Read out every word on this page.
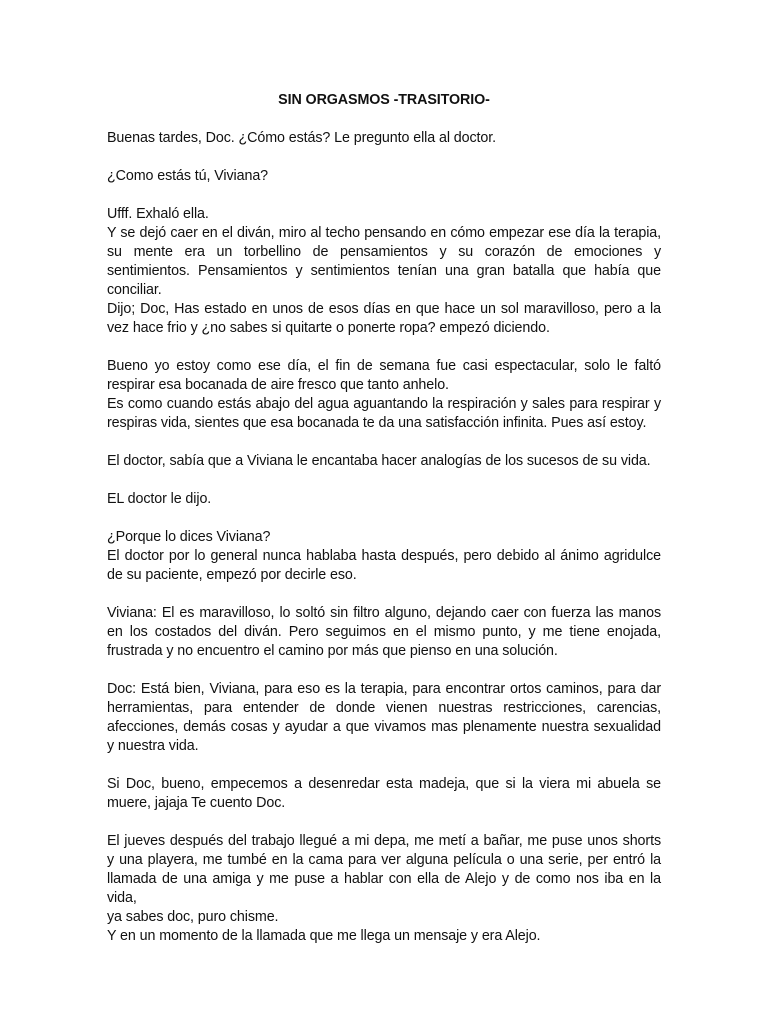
SIN ORGASMOS -TRASITORIO-
Buenas tardes, Doc. ¿Cómo estás? Le pregunto ella al doctor.
¿Como estás tú, Viviana?
Ufff. Exhaló ella.
Y se dejó caer en el diván, miro al techo pensando en cómo empezar ese día la terapia,
su mente era un torbellino de pensamientos y su corazón de emociones y
sentimientos. Pensamientos y sentimientos tenían una gran batalla que había que
conciliar.
Dijo; Doc, Has estado en unos de esos días en que hace un sol maravilloso, pero a la
vez hace frio y ¿no sabes si quitarte o ponerte ropa? empezó diciendo.
Bueno yo estoy como ese día, el fin de semana fue casi espectacular, solo le faltó
respirar esa bocanada de aire fresco que tanto anhelo.
Es como cuando estás abajo del agua aguantando la respiración y sales para respirar y
respiras vida, sientes que esa bocanada te da una satisfacción infinita. Pues así estoy.
El doctor, sabía que a Viviana le encantaba hacer analogías de los sucesos de su vida.
EL doctor le dijo.
¿Porque lo dices Viviana?
El doctor por lo general nunca hablaba hasta después, pero debido al ánimo agridulce
de su paciente, empezó por decirle eso.
Viviana: El es maravilloso, lo soltó sin filtro alguno, dejando caer con fuerza las manos
en los costados del diván. Pero seguimos en el mismo punto, y me tiene enojada,
frustrada y no encuentro el camino por más que pienso en una solución.
Doc: Está bien, Viviana, para eso es la terapia, para encontrar ortos caminos, para dar
herramientas, para entender de donde vienen nuestras restricciones, carencias,
afecciones, demás cosas y ayudar a que vivamos mas plenamente nuestra sexualidad
y nuestra vida.
Si Doc, bueno, empecemos a desenredar esta madeja, que si la viera mi abuela se
muere, jajaja Te cuento Doc.
El jueves después del trabajo llegué a mi depa, me metí a bañar, me puse unos shorts
y una playera, me tumbé en la cama para ver alguna película o una serie, per entró la
llamada de una amiga y me puse a hablar con ella de Alejo y de como nos iba en la vida,
ya sabes doc, puro chisme.
Y en un momento de la llamada que me llega un mensaje y era Alejo.
